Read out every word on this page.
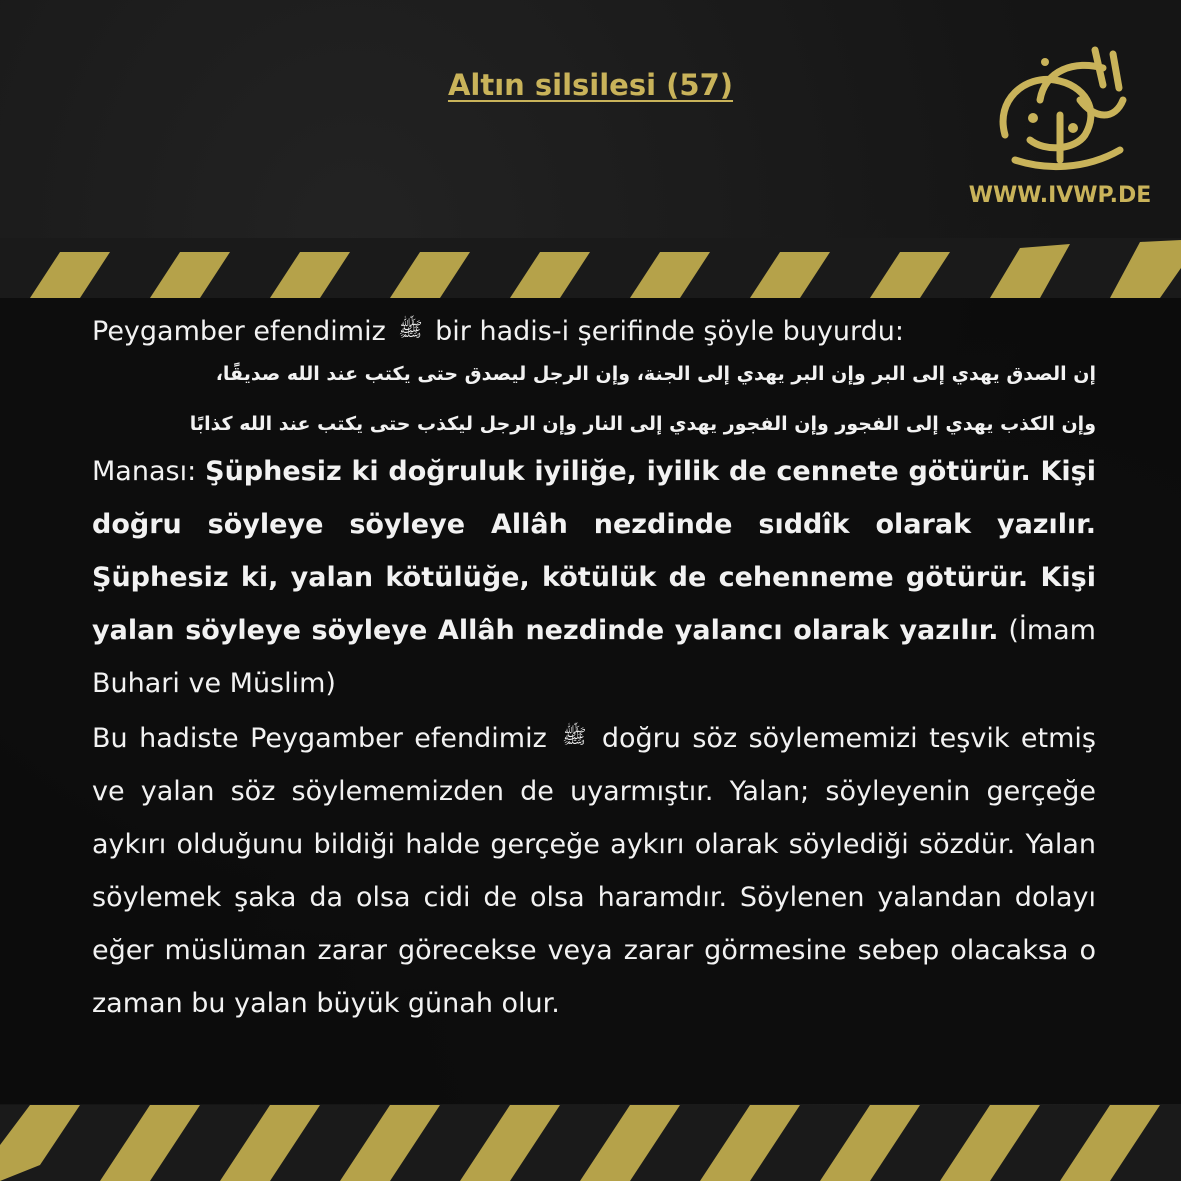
Altın silsilesi (57)
WWW.IVWP.DE

Peygamber efendimiz ﷺ bir hadis-i şerifinde şöyle buyurdu:

إن الصدق يهدي إلى البر وإن البر يهدي إلى الجنة، وإن الرجل ليصدق حتى يكتب عند الله صديقًا،

وإن الكذب يهدي إلى الفجور وإن الفجور يهدي إلى النار وإن الرجل ليكذب حتى يكتب عند الله كذابًا

Manası: Şüphesiz ki doğruluk iyiliğe, iyilik de cennete götürür. Kişi doğru söyleye söyleye Allâh nezdinde sıddîk olarak yazılır. Şüphesiz ki, yalan kötülüğe, kötülük de cehenneme götürür. Kişi yalan söyleye söyleye Allâh nezdinde yalancı olarak yazılır. (İmam Buhari ve Müslim)

Bu hadiste Peygamber efendimiz ﷺ doğru söz söylememizi teşvik etmiş ve yalan söz söylememizden de uyarmıştır. Yalan; söyleyenin gerçeğe aykırı olduğunu bildiği halde gerçeğe aykırı olarak söylediği sözdür. Yalan söylemek şaka da olsa cidi de olsa haramdır. Söylenen yalandan dolayı eğer müslüman zarar görecekse veya zarar görmesine sebep olacaksa o zaman bu yalan büyük günah olur.
